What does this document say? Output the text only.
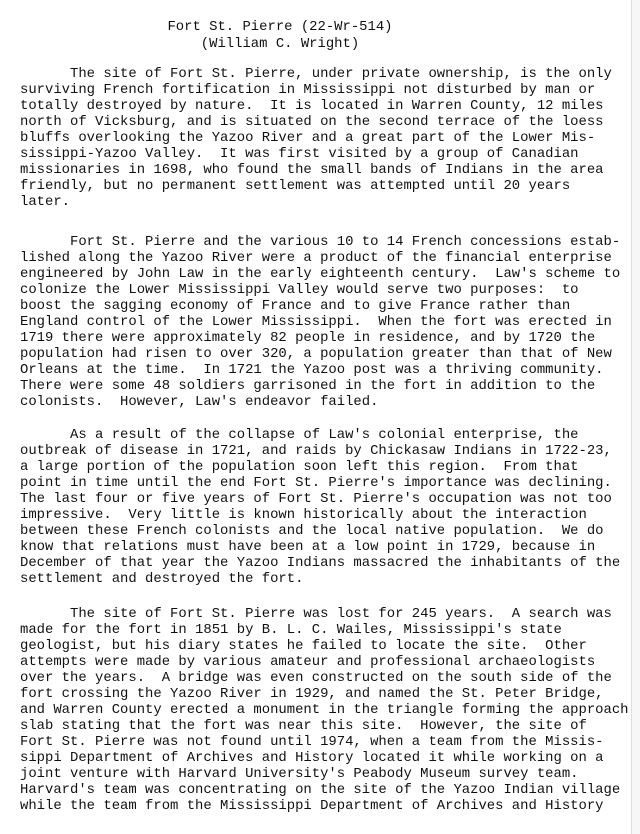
Fort St. Pierre (22-Wr-514)
(William C. Wright)
The site of Fort St. Pierre, under private ownership, is the only
surviving French fortification in Mississippi not disturbed by man or
totally destroyed by nature.  It is located in Warren County, 12 miles
north of Vicksburg, and is situated on the second terrace of the loess
bluffs overlooking the Yazoo River and a great part of the Lower Mis-
sissippi-Yazoo Valley.  It was first visited by a group of Canadian
missionaries in 1698, who found the small bands of Indians in the area
friendly, but no permanent settlement was attempted until 20 years
later.
Fort St. Pierre and the various 10 to 14 French concessions estab-
lished along the Yazoo River were a product of the financial enterprise
engineered by John Law in the early eighteenth century.  Law's scheme to
colonize the Lower Mississippi Valley would serve two purposes:  to
boost the sagging economy of France and to give France rather than
England control of the Lower Mississippi.  When the fort was erected in
1719 there were approximately 82 people in residence, and by 1720 the
population had risen to over 320, a population greater than that of New
Orleans at the time.  In 1721 the Yazoo post was a thriving community.
There were some 48 soldiers garrisoned in the fort in addition to the
colonists.  However, Law's endeavor failed.
As a result of the collapse of Law's colonial enterprise, the
outbreak of disease in 1721, and raids by Chickasaw Indians in 1722-23,
a large portion of the population soon left this region.  From that
point in time until the end Fort St. Pierre's importance was declining.
The last four or five years of Fort St. Pierre's occupation was not too
impressive.  Very little is known historically about the interaction
between these French colonists and the local native population.  We do
know that relations must have been at a low point in 1729, because in
December of that year the Yazoo Indians massacred the inhabitants of the
settlement and destroyed the fort.
The site of Fort St. Pierre was lost for 245 years.  A search was
made for the fort in 1851 by B. L. C. Wailes, Mississippi's state
geologist, but his diary states he failed to locate the site.  Other
attempts were made by various amateur and professional archaeologists
over the years.  A bridge was even constructed on the south side of the
fort crossing the Yazoo River in 1929, and named the St. Peter Bridge,
and Warren County erected a monument in the triangle forming the approach
slab stating that the fort was near this site.  However, the site of
Fort St. Pierre was not found until 1974, when a team from the Missis-
sippi Department of Archives and History located it while working on a
joint venture with Harvard University's Peabody Museum survey team.
Harvard's team was concentrating on the site of the Yazoo Indian village
while the team from the Mississippi Department of Archives and History
